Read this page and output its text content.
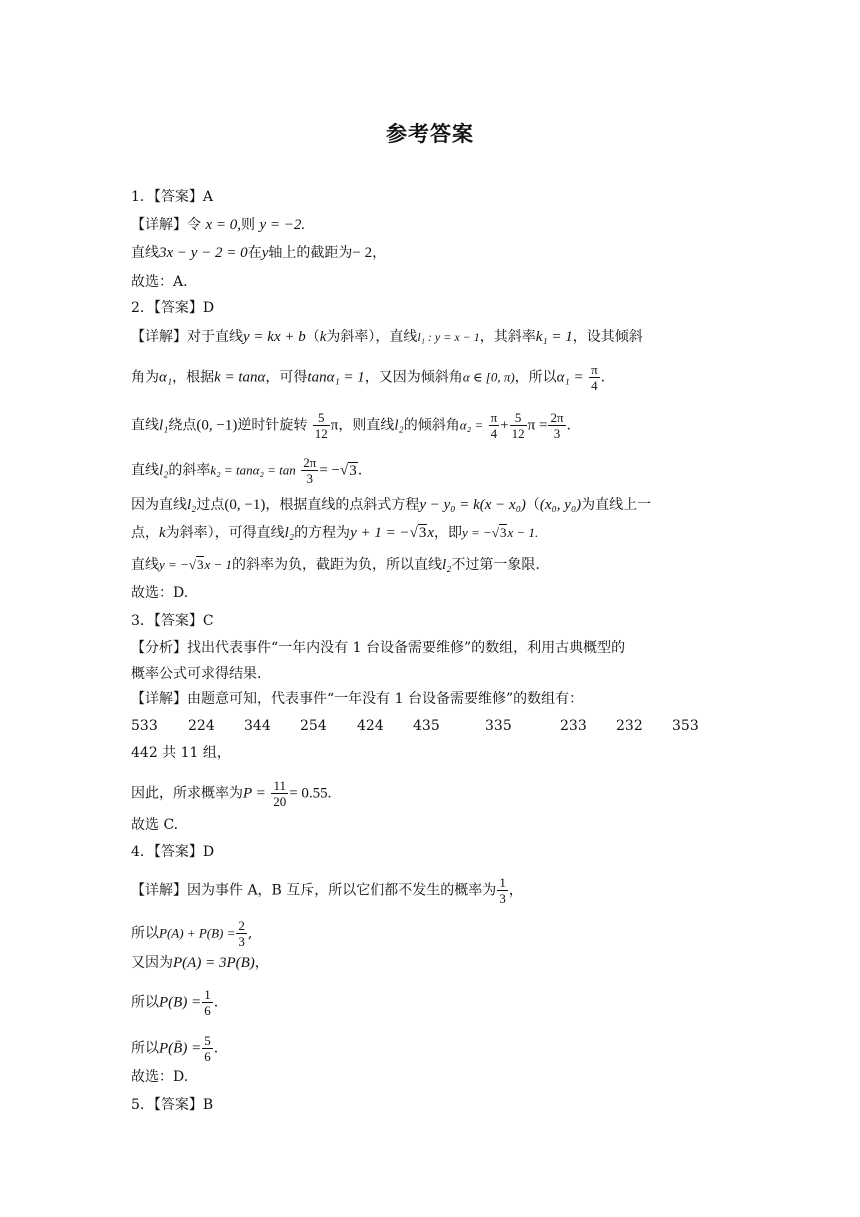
参考答案
1．【答案】A
【详解】令 x = 0,则 y = −2.
直线3x − y − 2 = 0在y轴上的截距为− 2，
故选：A.
2．【答案】D
【详解】对于直线y = kx + b（k为斜率），直线l₁ : y = x − 1，其斜率k₁ = 1，设其倾斜
角为α₁，根据k = tanα，可得tanα₁ = 1，又因为倾斜角α ∈ [0, π)，所以$\alpha_1 = \frac{\pi}{4}$ .
直线l₁绕点(0, −1)逆时针旋转 $\frac{5}{12}$ π，则直线l₂的倾斜角$\alpha_2 = \frac{\pi}{4} + \frac{5}{12}$ $\pi = \frac{2\pi}{3}$ .
直线l₂的斜率$k_2 = \tan\alpha_2 = \tan \frac{2\pi}{3} = -√3$.
因为直线l₂过点(0, −1)，根据直线的点斜式方程y − y₀ = k(x − x₀)（(x₀, y₀)为直线上一
点，k为斜率），可得直线l₂的方程为y + 1 = −√3x，即y = −√3x − 1.
直线y = −√3x − 1的斜率为负，截距为负，所以直线l₂不过第一象限.
故选：D.
3．【答案】C
【分析】找出代表事件“一年内没有 1 台设备需要维修”的数组，利用古典概型的
概率公式可求得结果.
【详解】由题意可知，代表事件“一年没有 1 台设备需要维修”的数组有：
533 224 344 254 424 435	335	233 232 353
442 共 11 组，
因此，所求概率为$P = \frac{11}{20} = 0.55$.
故选 C.
4．【答案】D
【详解】因为事件 A，B 互斥，所以它们都不发生的概率为 $\frac{1}{3}$ ，
所以$P(A) + P(B) = \frac{2}{3}$ ,
又因为P(A) = 3P(B)，
所以$P(B) = \frac{1}{6}$ .
所以P(B̄) = $\frac{5}{6}$ .
故选：D.
5．【答案】B
